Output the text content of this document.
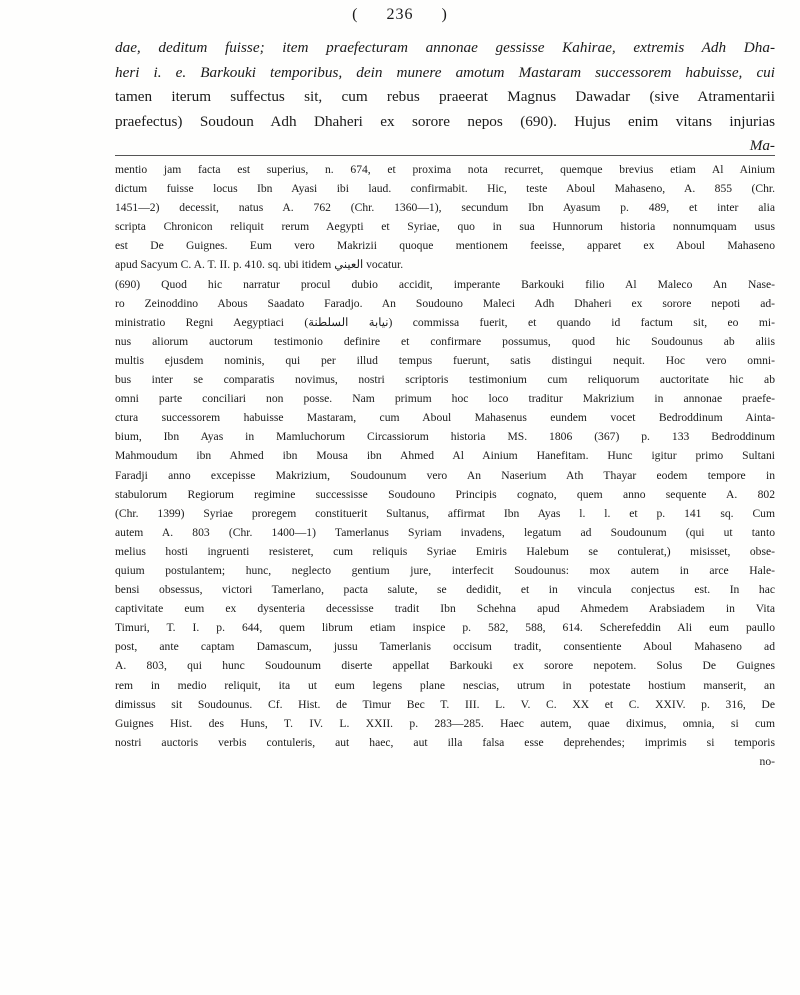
( 236 )
dae, deditum fuisse; item praefecturam annonae gessisse Kahirae, extremis Adh Dha-
heri i. e. Barkouki temporibus, dein munere amotum Mastaram successorem habuisse, cui
tamen iterum suffectus sit, cum rebus praeerat Magnus Dawadar (sive Atramentarii
praefectus) Soudoun Adh Dhaheri ex sorore nepos (690). Hujus enim vitans injurias
Ma-
mentio jam facta est superius, n. 674, et proxima nota recurret, quemque brevius etiam Al Ainium
dictum fuisse locus Ibn Ayasi ibi laud. confirmabit. Hic, teste Aboul Mahaseno, A. 855 (Chr.
1451—2) decessit, natus A. 762 (Chr. 1360—1), secundum Ibn Ayasum p. 489, et inter alia
scripta Chronicon reliquit rerum Aegypti et Syriae, quo in sua Hunnorum historia nonnumquam usus
est De Guignes. Eum vero Makrizii quoque mentionem feeisse, apparet ex Aboul Mahaseno
apud Sacyum C. A. T. II. p. 410. sq. ubi itidem العيني vocatur.
(690) Quod hic narratur procul dubio accidit, imperante Barkouki filio Al Maleco An Nase-
ro Zeinoddino Abous Saadato Faradjo. An Soudouno Maleci Adh Dhaheri ex sorore nepoti ad-
ministratio Regni Aegyptiaci (نيابة السلطنة) commissa fuerit, et quando id factum sit, eo mi-
nus aliorum auctorum testimonio definire et confirmare possumus, quod hic Soudounus ab aliis
multis ejusdem nominis, qui per illud tempus fuerunt, satis distingui nequit. Hoc vero omni-
bus inter se comparatis novimus, nostri scriptoris testimonium cum reliquorum auctoritate hic ab
omni parte conciliari non posse. Nam primum hoc loco traditur Makrizium in annonae praefe-
ctura successorem habuisse Mastaram, cum Aboul Mahasenus eundem vocet Bedroddinum Ainta-
bium, Ibn Ayas in Mamluchorum Circassiorum historia MS. 1806 (367) p. 133 Bedroddinum
Mahmoudum ibn Ahmed ibn Mousa ibn Ahmed Al Ainium Hanefitam. Hunc igitur primo Sultani
Faradji anno excepisse Makrizium, Soudounum vero An Naserium Ath Thayar eodem tempore in
stabulorum Regiorum regimine successisse Soudouno Principis cognato, quem anno sequente A. 802
(Chr. 1399) Syriae proregem constituerit Sultanus, affirmat Ibn Ayas l. l. et p. 141 sq. Cum
autem A. 803 (Chr. 1400—1) Tamerlanus Syriam invadens, legatum ad Soudounum (qui ut tanto
melius hosti ingruenti resisteret, cum reliquis Syriae Emiris Halebum se contulerat,) misisset, obse-
quium postulantem; hunc, neglecto gentium jure, interfecit Soudounus: mox autem in arce Hale-
bensi obsessus, victori Tamerlano, pacta salute, se dedidit, et in vincula conjectus est. In hac
captivitate eum ex dysenteria decessisse tradit Ibn Schehna apud Ahmedem Arabsiadem in Vita
Timuri, T. I. p. 644, quem librum etiam inspice p. 582, 588, 614. Scherefeddin Ali eum paullo
post, ante captam Damascum, jussu Tamerlanis occisum tradit, consentiente Aboul Mahaseno ad
A. 803, qui hunc Soudounum diserte appellat Barkouki ex sorore nepotem. Solus De Guignes
rem in medio reliquit, ita ut eum legens plane nescias, utrum in potestate hostium manserit, an
dimissus sit Soudounus. Cf. Hist. de Timur Bec T. III. L. V. C. XX et C. XXIV. p. 316, De
Guignes Hist. des Huns, T. IV. L. XXII. p. 283—285. Haec autem, quae diximus, omnia, si cum
nostri auctoris verbis contuleris, aut haec, aut illa falsa esse deprehendes; imprimis si temporis
no-
